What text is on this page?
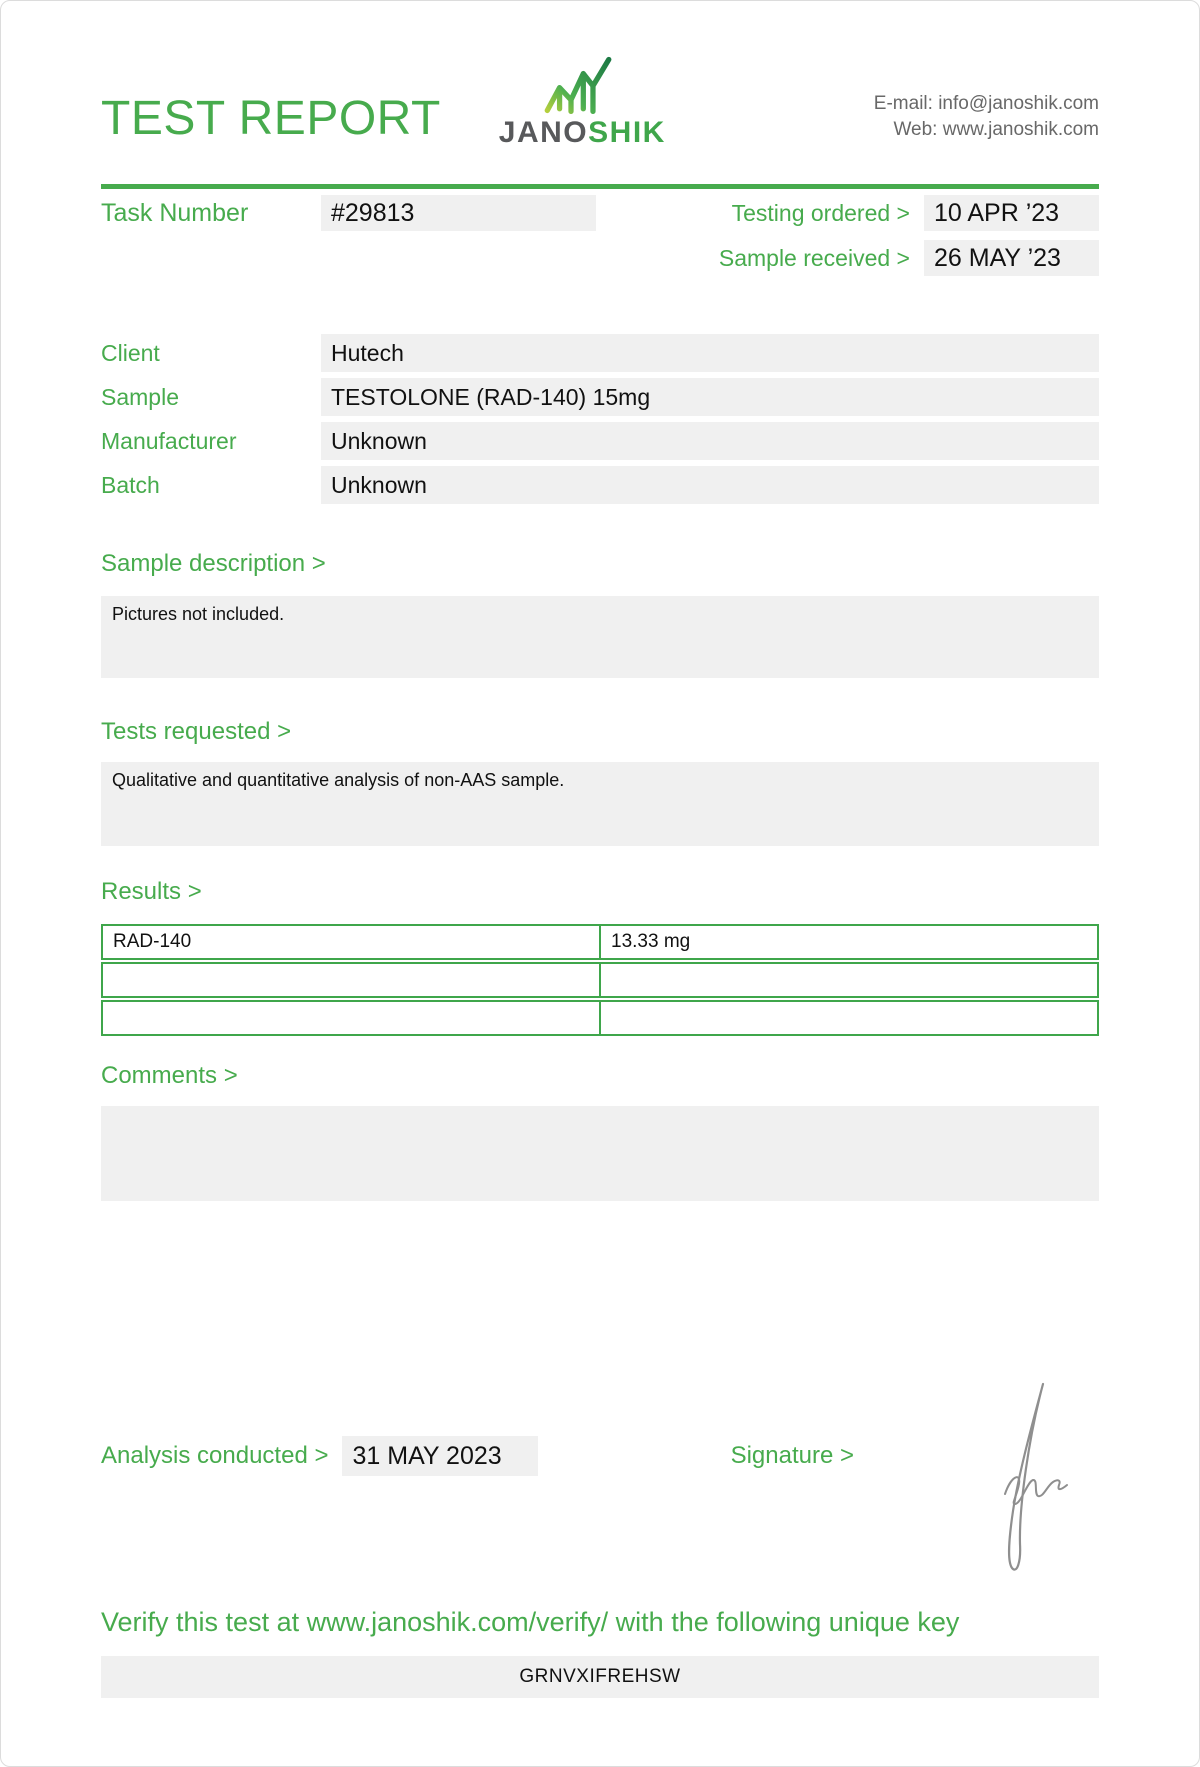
TEST REPORT JANOSHIK
E-mail: info@janoshik.com
Web: www.janoshik.com
Task Number	#29813	Testing ordered > 10 APR ’23
Sample received > 26 MAY ’23
Client	Hutech
Sample	TESTOLONE (RAD-140) 15mg
Manufacturer	Unknown
Batch	Unknown
Sample description >
Pictures not included.
Tests requested >
Qualitative and quantitative analysis of non-AAS sample.
Results >
RAD-140	13.33 mg

Comments >
Analysis conducted > 31 MAY 2023	Signature >
Verify this test at www.janoshik.com/verify/ with the following unique key
GRNVXIFREHSW
